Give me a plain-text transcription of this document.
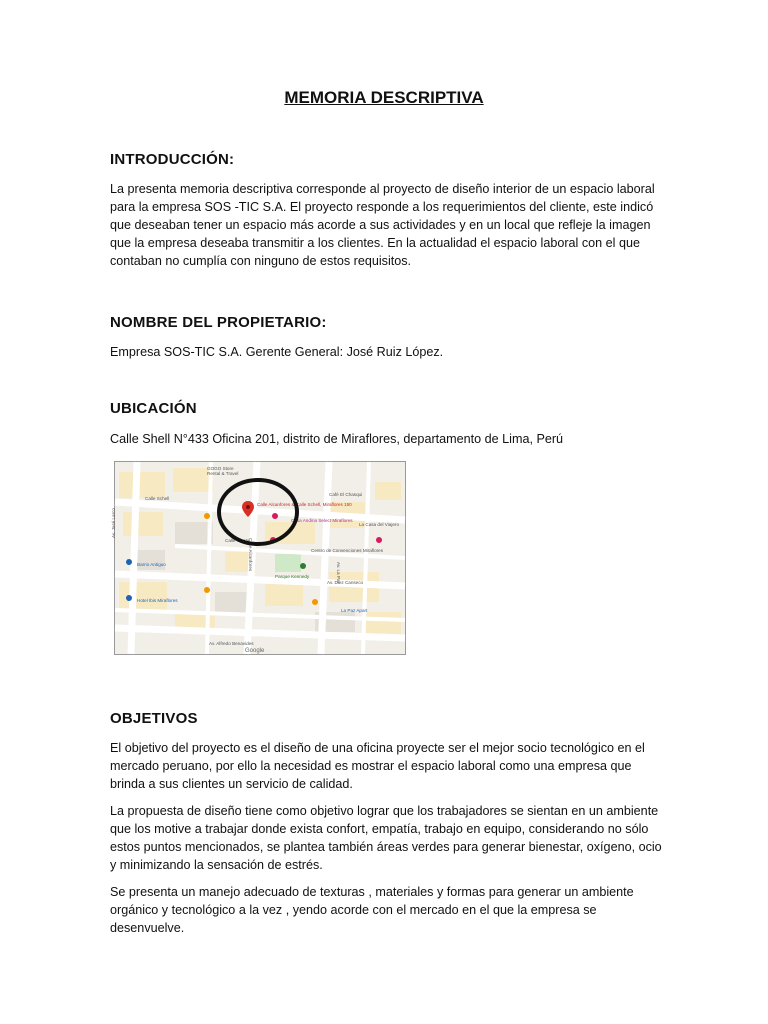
MEMORIA DESCRIPTIVA
INTRODUCCIÓN:

La presenta memoria descriptiva corresponde al proyecto de diseño interior de un espacio laboral para la empresa SOS -TIC S.A. El proyecto responde a los requerimientos del cliente, este indicó que deseaban tener un espacio más acorde a sus actividades y en un local que refleje la imagen que la empresa deseaba transmitir a los clientes. En la actualidad el espacio laboral con el que contaban no cumplía con ninguno de estos requisitos.

NOMBRE DEL PROPIETARIO:

Empresa SOS-TIC S.A. Gerente General: José Ruiz López.

UBICACIÓN

Calle Shell N°433 Oficina 201, distrito de Miraflores, departamento de Lima, Perú

GOGO Store
Rental & Travel
Calle Schell
Calle Alcanfores & Calle Schell, Miraflores 150
Casa Andina Select Miraflores
Café El Chasqui
La Casa del Viajero
Calle Tarata
Centro de Convenciones Miraflores
Barrio Antiguo
Hotel Ibis Miraflores
La Paz Apart
Parque Kennedy
Av. Alfredo Benavides
Av. Diez Canseco
Av. José Larco
Calle Alcanfores
Av. La Paz
Google
OBJETIVOS

El objetivo del proyecto es el diseño de una oficina proyecte ser el mejor socio tecnológico en el mercado peruano, por ello la necesidad es mostrar el espacio laboral como una empresa que brinda a sus clientes un servicio de calidad.

La propuesta de diseño tiene como objetivo lograr que los trabajadores se sientan en un ambiente que los motive a trabajar donde exista confort, empatía, trabajo en equipo, considerando no sólo estos puntos mencionados, se plantea también áreas verdes para generar bienestar, oxígeno, ocio y minimizando la sensación de estrés.

Se presenta un manejo adecuado de texturas , materiales y formas para generar un ambiente orgánico y tecnológico a la vez , yendo acorde con el mercado en el que la empresa se desenvuelve.
